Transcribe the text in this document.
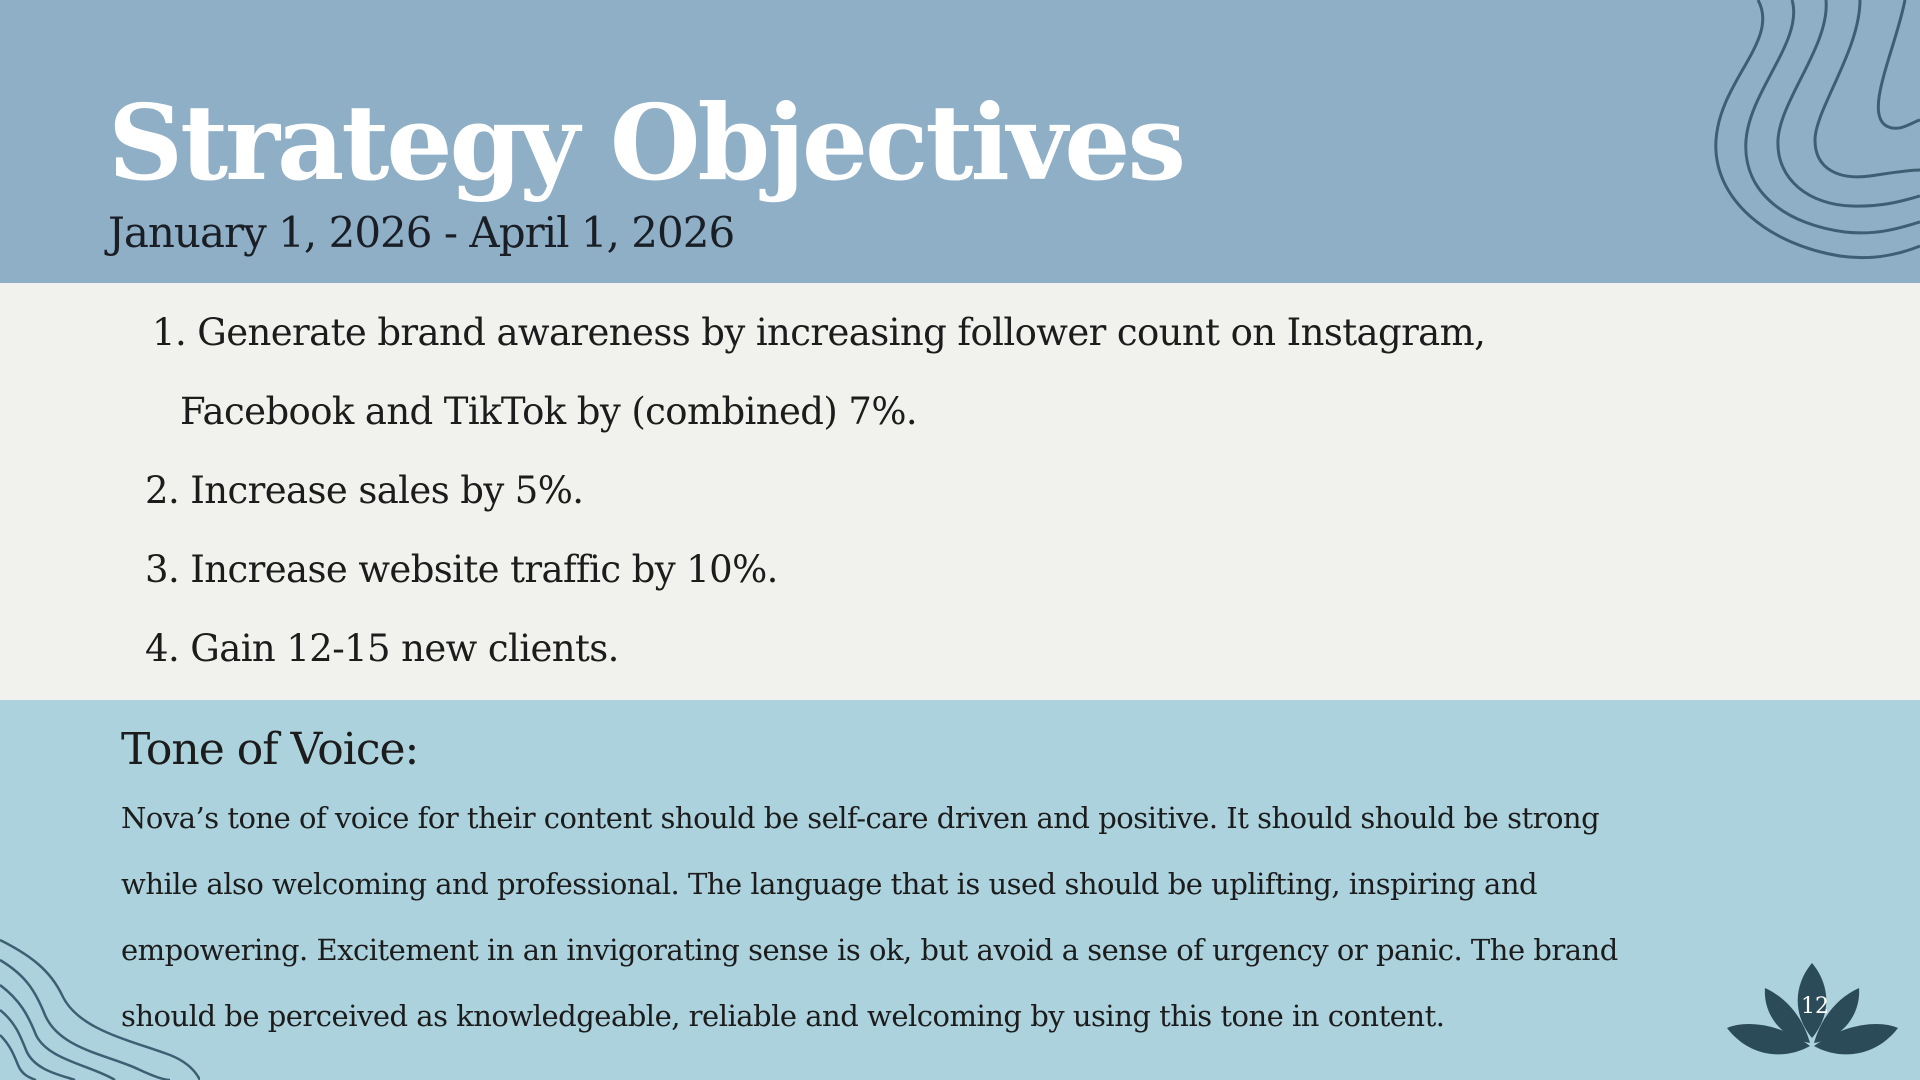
Strategy Objectives

January 1, 2026 - April 1, 2026

1. Generate brand awareness by increasing follower count on Instagram,
Facebook and TikTok by (combined) 7%.
2. Increase sales by 5%.
3. Increase website traffic by 10%.
4. Gain 12-15 new clients.
Tone of Voice:

Nova’s tone of voice for their content should be self-care driven and positive. It should should be strong while also welcoming and professional. The language that is used should be uplifting, inspiring and empowering. Excitement in an invigorating sense is ok, but avoid a sense of urgency or panic. The brand should be perceived as knowledgeable, reliable and welcoming by using this tone in content.	12
